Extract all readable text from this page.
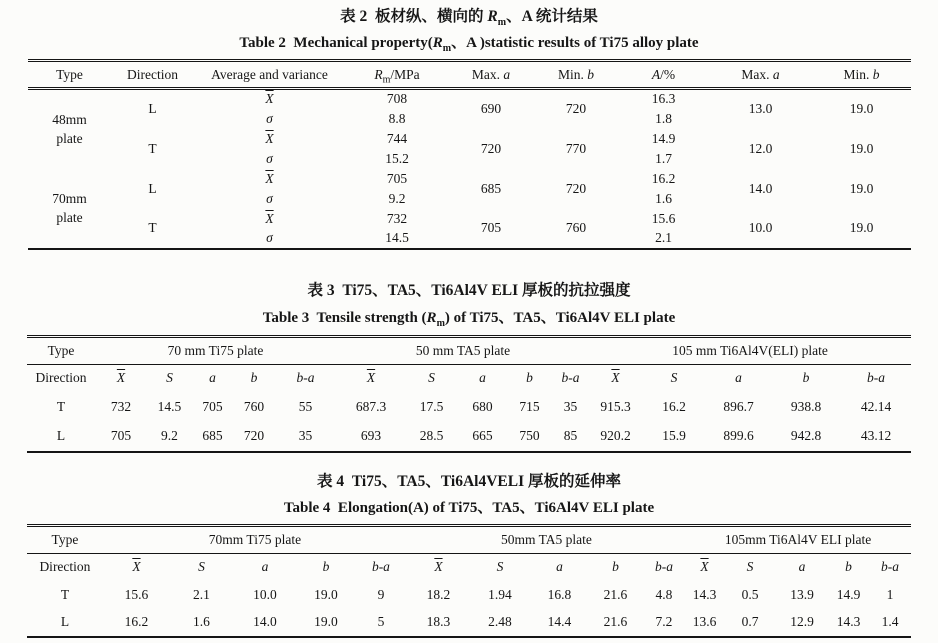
表 2  板材纵、横向的 $R_m$、A 统计结果
Table 2  Mechanical $property(R_m$、A )statistic results of Ti75 alloy plate
Type	Direction	Average and variance	$R_m$/MPa	Max. a	Min. b	A/%	Max. a	Min. b
48mm plate	L	$\overline{X}$	708	690	720	16.3	13.0	19.0
		σ	8.8			1.8		
	T	$\overline{X}$	744	720	770	14.9	12.0	19.0
		σ	15.2			1.7		
70mm plate	L	$\overline{X}$	705	685	720	16.2	14.0	19.0
		σ	9.2			1.6		
	T	$\overline{X}$	732	705	760	15.6	10.0	19.0
		σ	14.5			2.1		
表 3  Ti75、TA5、Ti6Al4V ELI 厚板的抗拉强度
Table 3  Tensile strength $(R_m)$ of Ti75、TA5、Ti6Al4V ELI plate
Type	70 mm Ti75 plate					50 mm TA5 plate					105 mm Ti6Al4V(ELI) plate				
Direction	$\overline{X}$	S	a	b	b-a	$\overline{X}$	S	a	b	b-a	$\overline{X}$	S	a	b	b-a
T	732	14.5	705	760	55	687.3	17.5	680	715	35	915.3	16.2	896.7	938.8	42.14
L	705	9.2	685	720	35	693	28.5	665	750	85	920.2	15.9	899.6	942.8	43.12
表 4  Ti75、TA5、Ti6Al4VELI 厚板的延伸率
Table 4  Elongation(A) of Ti75、TA5、Ti6Al4V ELI plate
Type	70mm Ti75 plate					50mm TA5 plate					105mm Ti6Al4V ELI plate				
Direction	$\overline{X}$	S	a	b	b-a	$\overline{X}$	S	a	b	b-a	$\overline{X}$	S	a	b	b-a
T	15.6	2.1	10.0	19.0	9	18.2	1.94	16.8	21.6	4.8	14.3	0.5	13.9	14.9	1
L	16.2	1.6	14.0	19.0	5	18.3	2.48	14.4	21.6	7.2	13.6	0.7	12.9	14.3	1.4
